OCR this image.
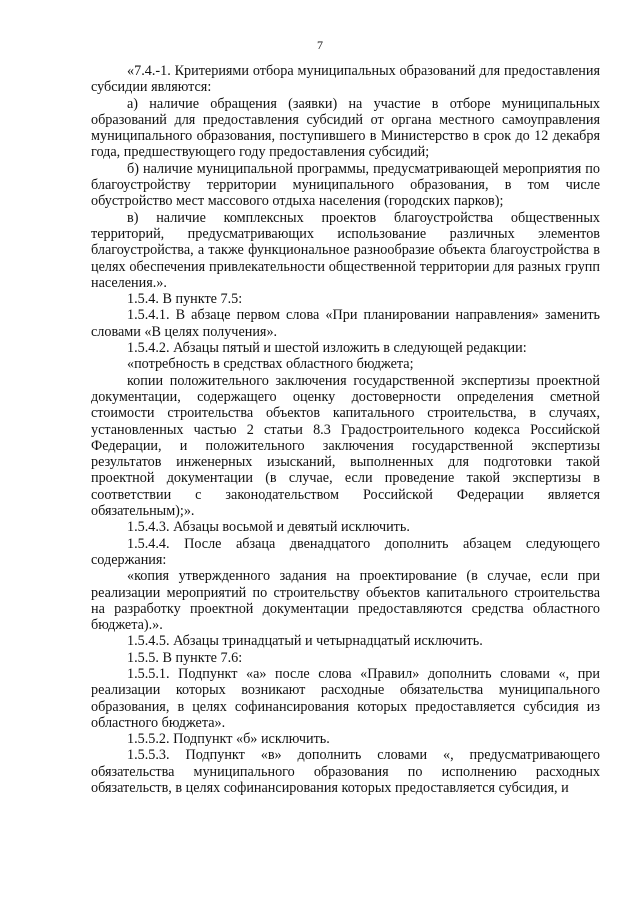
7

«7.4.-1. Критериями отбора муниципальных образований для предоставления субсидии являются:

а) наличие обращения (заявки) на участие в отборе муниципальных образований для предоставления субсидий от органа местного самоуправления муниципального образования, поступившего в Министерство в срок до 12 декабря года, предшествующего году предоставления субсидий;

б) наличие муниципальной программы, предусматривающей мероприятия по благоустройству территории муниципального образования, в том числе обустройство мест массового отдыха населения (городских парков);

в) наличие комплексных проектов благоустройства общественных территорий, предусматривающих использование различных элементов благоустройства, а также функциональное разнообразие объекта благоустройства в целях обеспечения привлекательности общественной территории для разных групп населения.».

1.5.4. В пункте 7.5:

1.5.4.1. В абзаце первом слова «При планировании направления» заменить словами «В целях получения».

1.5.4.2. Абзацы пятый и шестой изложить в следующей редакции:

«потребность в средствах областного бюджета;

копии положительного заключения государственной экспертизы проектной документации, содержащего оценку достоверности определения сметной стоимости строительства объектов капитального строительства, в случаях, установленных частью 2 статьи 8.3 Градостроительного кодекса Российской Федерации, и положительного заключения государственной экспертизы результатов инженерных изысканий, выполненных для подготовки такой проектной документации (в случае, если проведение такой экспертизы в соответствии с законодательством Российской Федерации является обязательным);».

1.5.4.3. Абзацы восьмой и девятый исключить.

1.5.4.4. После абзаца двенадцатого дополнить абзацем следующего содержания:

«копия утвержденного задания на проектирование (в случае, если при реализации мероприятий по строительству объектов капитального строительства на разработку проектной документации предоставляются средства областного бюджета).».

1.5.4.5. Абзацы тринадцатый и четырнадцатый исключить.

1.5.5. В пункте 7.6:

1.5.5.1. Подпункт «а» после слова «Правил» дополнить словами «, при реализации которых возникают расходные обязательства муниципального образования, в целях софинансирования которых предоставляется субсидия из областного бюджета».

1.5.5.2. Подпункт «б» исключить.

1.5.5.3. Подпункт «в» дополнить словами «, предусматривающего обязательства муниципального образования по исполнению расходных обязательств, в целях софинансирования которых предоставляется субсидия, и
